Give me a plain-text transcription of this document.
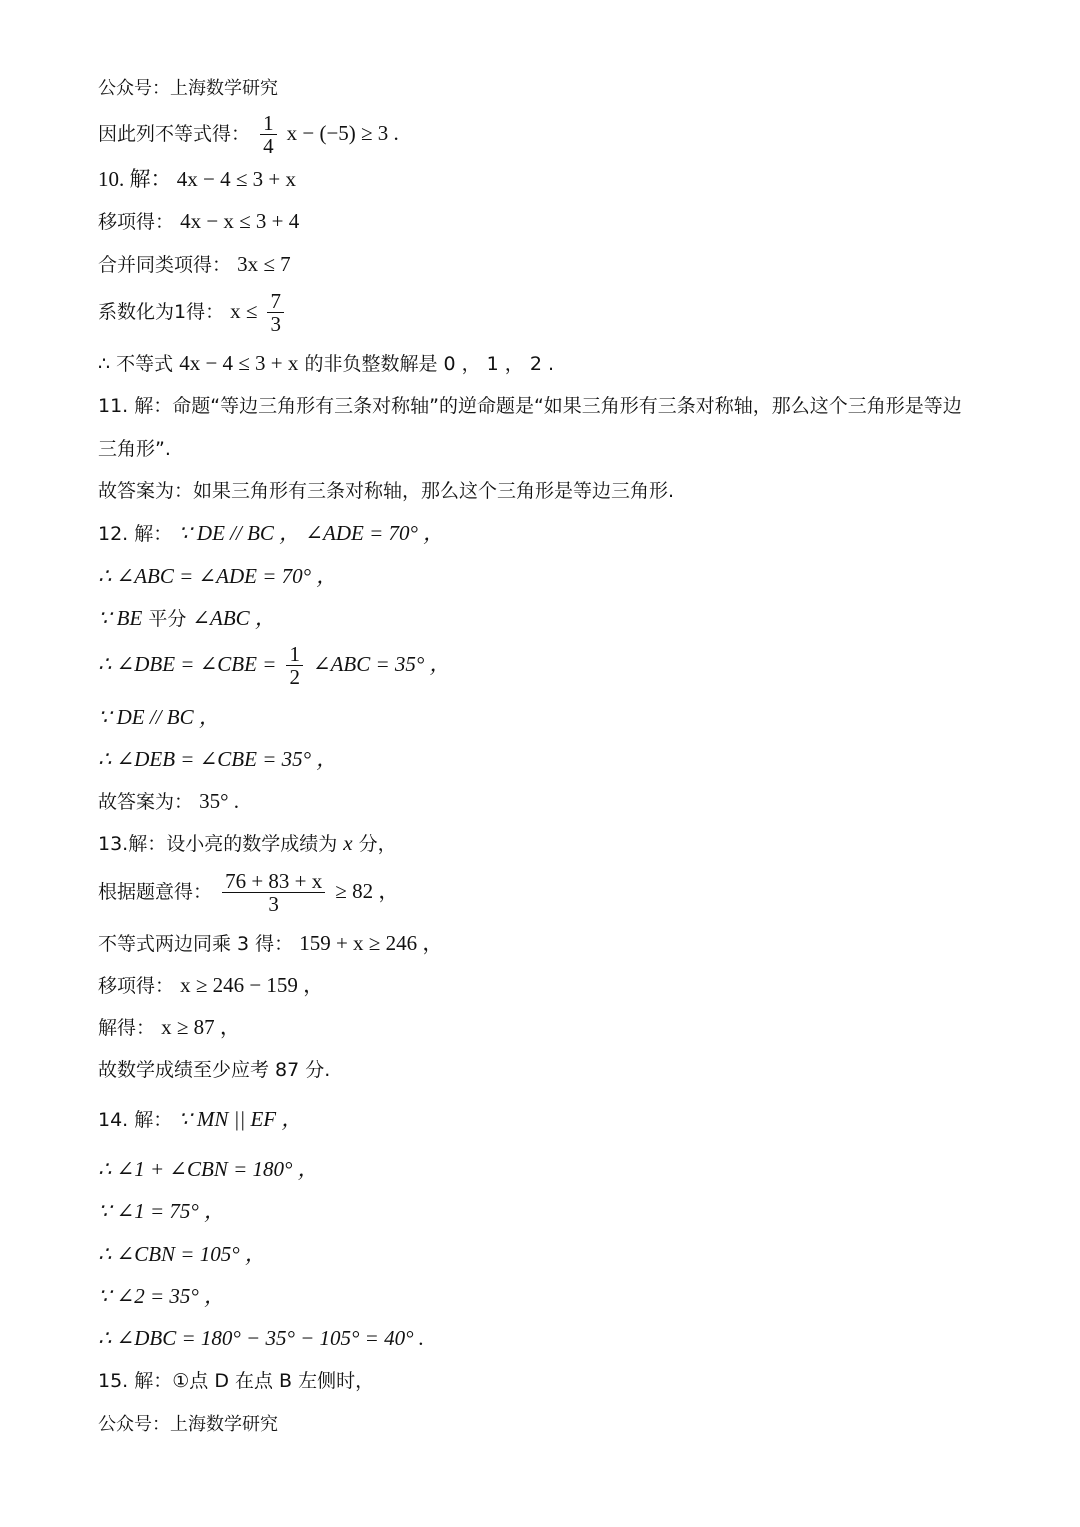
公众号：上海数学研究
因此列不等式得： $\frac{1}{4}$ x − (−5) ≥ 3 .
10. 解： 4x − 4 ≤ 3 + x
移项得： 4x − x ≤ 3 + 4
合并同类项得： 3x ≤ 7
系数化为1得： $x \le \frac{7}{3}$
∴ 不等式 4x − 4 ≤ 3 + x 的非负整数解是 0 ， 1 ， 2 .
11. 解：命题“等边三角形有三条对称轴”的逆命题是“如果三角形有三条对称轴，那么这个三角形是等边
三角形”.
故答案为：如果三角形有三条对称轴，那么这个三角形是等边三角形.
12. 解： ∵ DE // BC ， ∠ADE = 70° ，
∴ ∠ABC = ∠ADE = 70° ，
∵ BE 平分 ∠ABC ，
∴ ∠DBE = ∠CBE = $\frac{1}{2}$ ∠ABC = 35° ，
∵ DE // BC ，
∴ ∠DEB = ∠CBE = 35° ，
故答案为： 35° .
13.解：设小亮的数学成绩为 x 分，
根据题意得： $\frac{76 + 83 + x}{3} \ge 82$ ，
不等式两边同乘 3 得： 159 + x ≥ 246 ，
移项得： x ≥ 246 − 159 ，
解得： x ≥ 87 ，
故数学成绩至少应考 87 分.
14. 解： ∵ MN || EF ，
∴ ∠1 + ∠CBN = 180° ，
∵ ∠1 = 75° ，
∴ ∠CBN = 105° ，
∵ ∠2 = 35° ，
∴ ∠DBC = 180° − 35° − 105° = 40° .
15. 解：①点 D 在点 B 左侧时，
公众号：上海数学研究
